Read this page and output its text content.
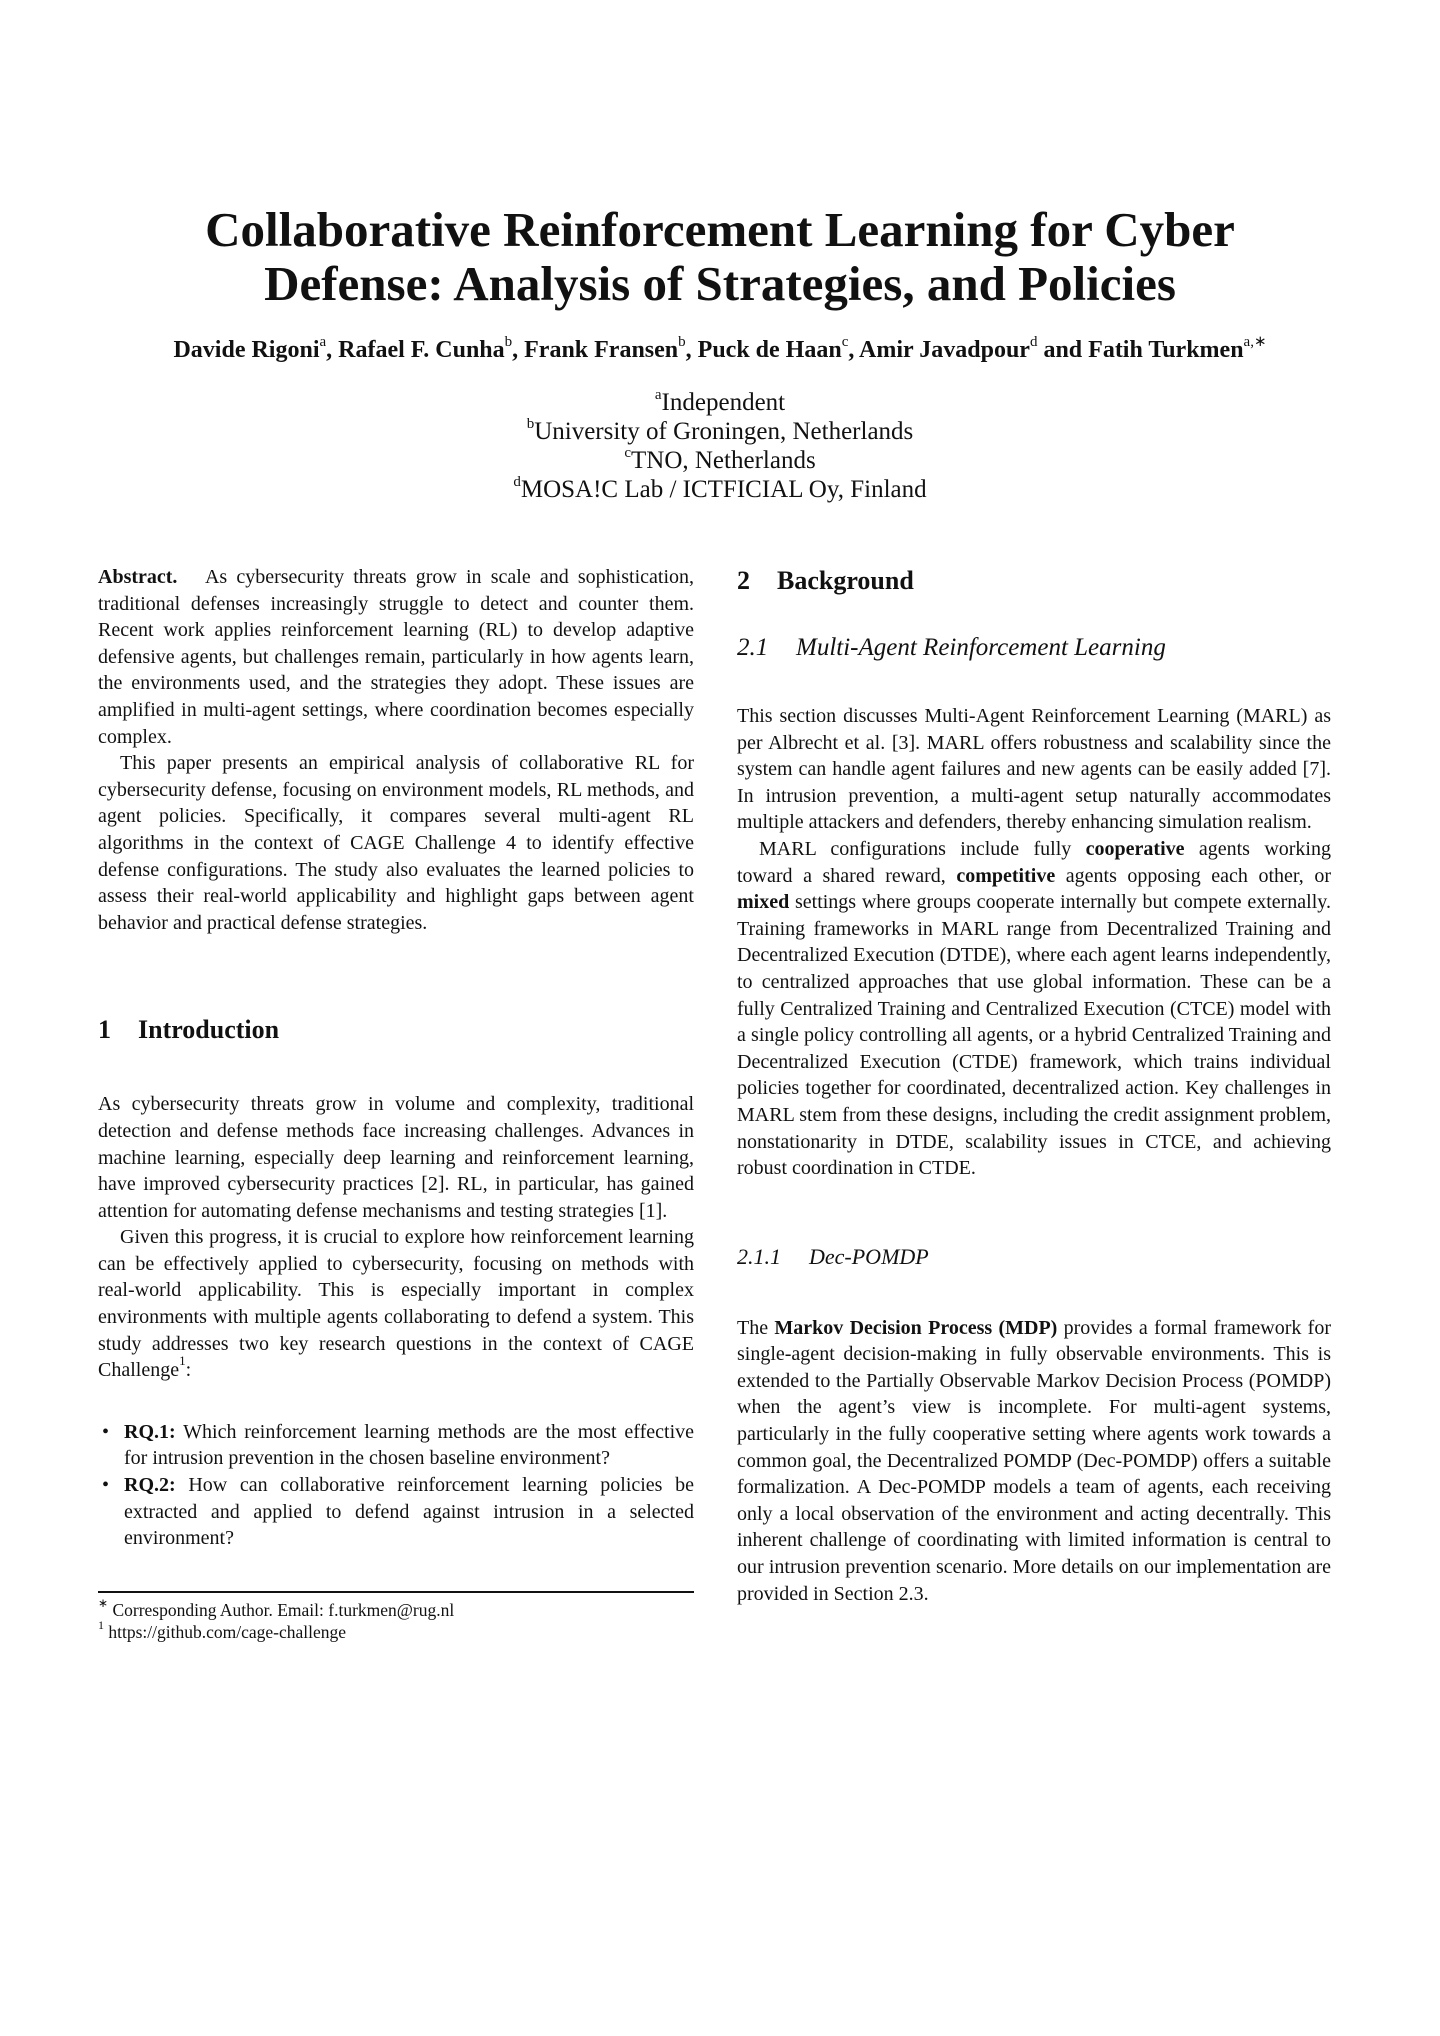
Collaborative Reinforcement Learning for Cyber
Defense: Analysis of Strategies, and Policies
Davide Rigoni$^a$, Rafael F. Cunha$^b$, Frank Fransen$^b$, Puck de Haan$^c$, Amir Javadpour$^d$ and Fatih Turkmen$^{a,∗}$
$^a$Independent
$^b$University of Groningen, Netherlands
$^c$TNO, Netherlands
$^d$MOSA!C Lab / ICTFICIAL Oy, Finland

Abstract. As cybersecurity threats grow in scale and sophistication, traditional defenses increasingly struggle to detect and counter them. Recent work applies reinforcement learning (RL) to develop adaptive defensive agents, but challenges remain, particularly in how agents learn, the environments used, and the strategies they adopt. These issues are amplified in multi-agent settings, where coordination becomes especially complex.

This paper presents an empirical analysis of collaborative RL for cybersecurity defense, focusing on environment models, RL methods, and agent policies. Specifically, it compares several multi-agent RL algorithms in the context of CAGE Challenge 4 to identify effective defense configurations. The study also evaluates the learned policies to assess their real-world applicability and highlight gaps between agent behavior and practical defense strategies.

1 Introduction

As cybersecurity threats grow in volume and complexity, traditional detection and defense methods face increasing challenges. Advances in machine learning, especially deep learning and reinforcement learning, have improved cybersecurity practices [2]. RL, in particular, has gained attention for automating defense mechanisms and testing strategies [1].

Given this progress, it is crucial to explore how reinforcement learning can be effectively applied to cybersecurity, focusing on methods with real-world applicability. This is especially important in complex environments with multiple agents collaborating to defend a system. This study addresses two key research questions in the context of CAGE Challenge$^1$:

• RQ.1: Which reinforcement learning methods are the most effective for intrusion prevention in the chosen baseline environment?
• RQ.2: How can collaborative reinforcement learning policies be extracted and applied to defend against intrusion in a selected environment?
∗ Corresponding Author. Email: f.turkmen@rug.nl
$^1$ https://github.com/cage-challenge
2 Background
2.1 Multi-Agent Reinforcement Learning

This section discusses Multi-Agent Reinforcement Learning (MARL) as per Albrecht et al. [3]. MARL offers robustness and scalability since the system can handle agent failures and new agents can be easily added [7]. In intrusion prevention, a multi-agent setup naturally accommodates multiple attackers and defenders, thereby enhancing simulation realism.

MARL configurations include fully cooperative agents working toward a shared reward, competitive agents opposing each other, or mixed settings where groups cooperate internally but compete externally. Training frameworks in MARL range from Decentralized Training and Decentralized Execution (DTDE), where each agent learns independently, to centralized approaches that use global information. These can be a fully Centralized Training and Centralized Execution (CTCE) model with a single policy controlling all agents, or a hybrid Centralized Training and Decentralized Execution (CTDE) framework, which trains individual policies together for coordinated, decentralized action. Key challenges in MARL stem from these designs, including the credit assignment problem, nonstationarity in DTDE, scalability issues in CTCE, and achieving robust coordination in CTDE.

2.1.1 Dec-POMDP

The Markov Decision Process (MDP) provides a formal framework for single-agent decision-making in fully observable environments. This is extended to the Partially Observable Markov Decision Process (POMDP) when the agent’s view is incomplete. For multi-agent systems, particularly in the fully cooperative setting where agents work towards a common goal, the Decentralized POMDP (Dec-POMDP) offers a suitable formalization. A Dec-POMDP models a team of agents, each receiving only a local observation of the environment and acting decentrally. This inherent challenge of coordinating with limited information is central to our intrusion prevention scenario. More details on our implementation are provided in Section 2.3.
